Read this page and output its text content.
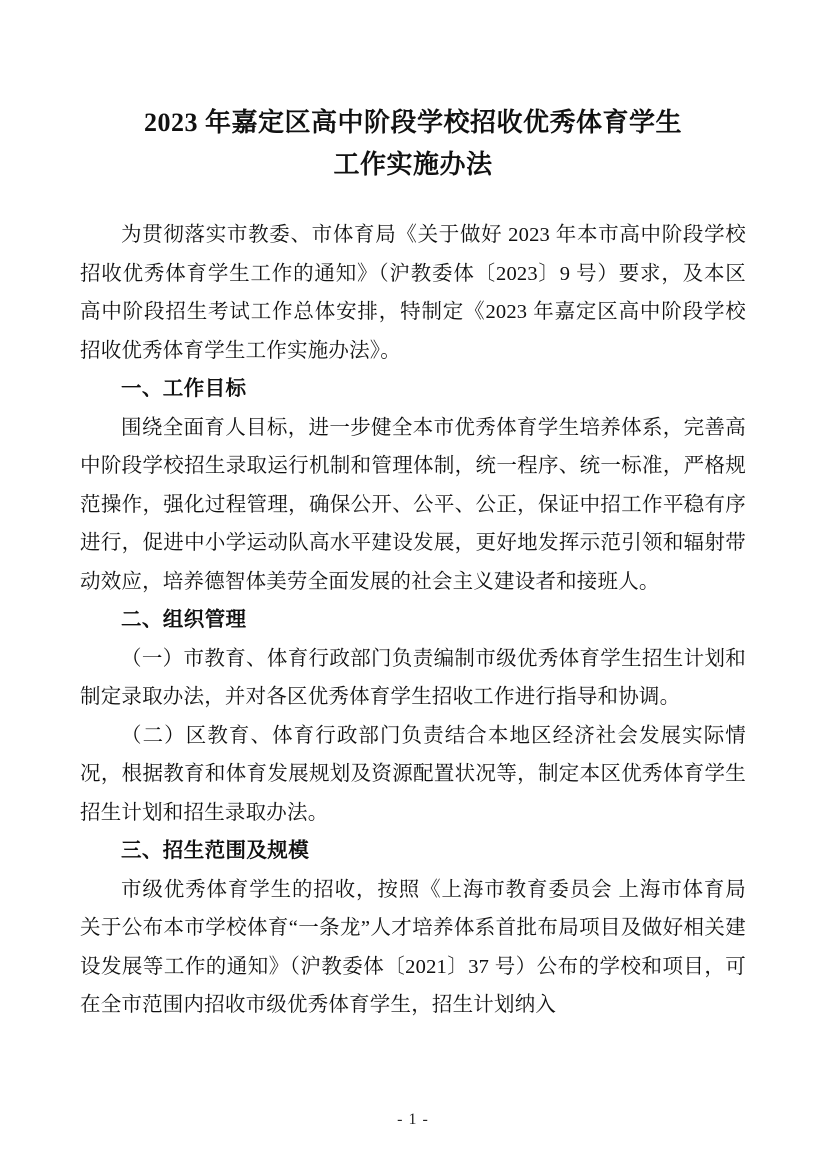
2023 年嘉定区高中阶段学校招收优秀体育学生
工作实施办法

为贯彻落实市教委、市体育局《关于做好 2023 年本市高中阶段学校招收优秀体育学生工作的通知》（沪教委体〔2023〕9 号）要求，及本区高中阶段招生考试工作总体安排，特制定《2023 年嘉定区高中阶段学校招收优秀体育学生工作实施办法》。

一、工作目标

围绕全面育人目标，进一步健全本市优秀体育学生培养体系，完善高中阶段学校招生录取运行机制和管理体制，统一程序、统一标准，严格规范操作，强化过程管理，确保公开、公平、公正，保证中招工作平稳有序进行，促进中小学运动队高水平建设发展，更好地发挥示范引领和辐射带动效应，培养德智体美劳全面发展的社会主义建设者和接班人。

二、组织管理

（一）市教育、体育行政部门负责编制市级优秀体育学生招生计划和制定录取办法，并对各区优秀体育学生招收工作进行指导和协调。

（二）区教育、体育行政部门负责结合本地区经济社会发展实际情况，根据教育和体育发展规划及资源配置状况等，制定本区优秀体育学生招生计划和招生录取办法。

三、招生范围及规模

市级优秀体育学生的招收，按照《上海市教育委员会 上海市体育局关于公布本市学校体育“一条龙”人才培养体系首批布局项目及做好相关建设发展等工作的通知》（沪教委体〔2021〕37 号）公布的学校和项目，可在全市范围内招收市级优秀体育学生，招生计划纳入

- 1 -
